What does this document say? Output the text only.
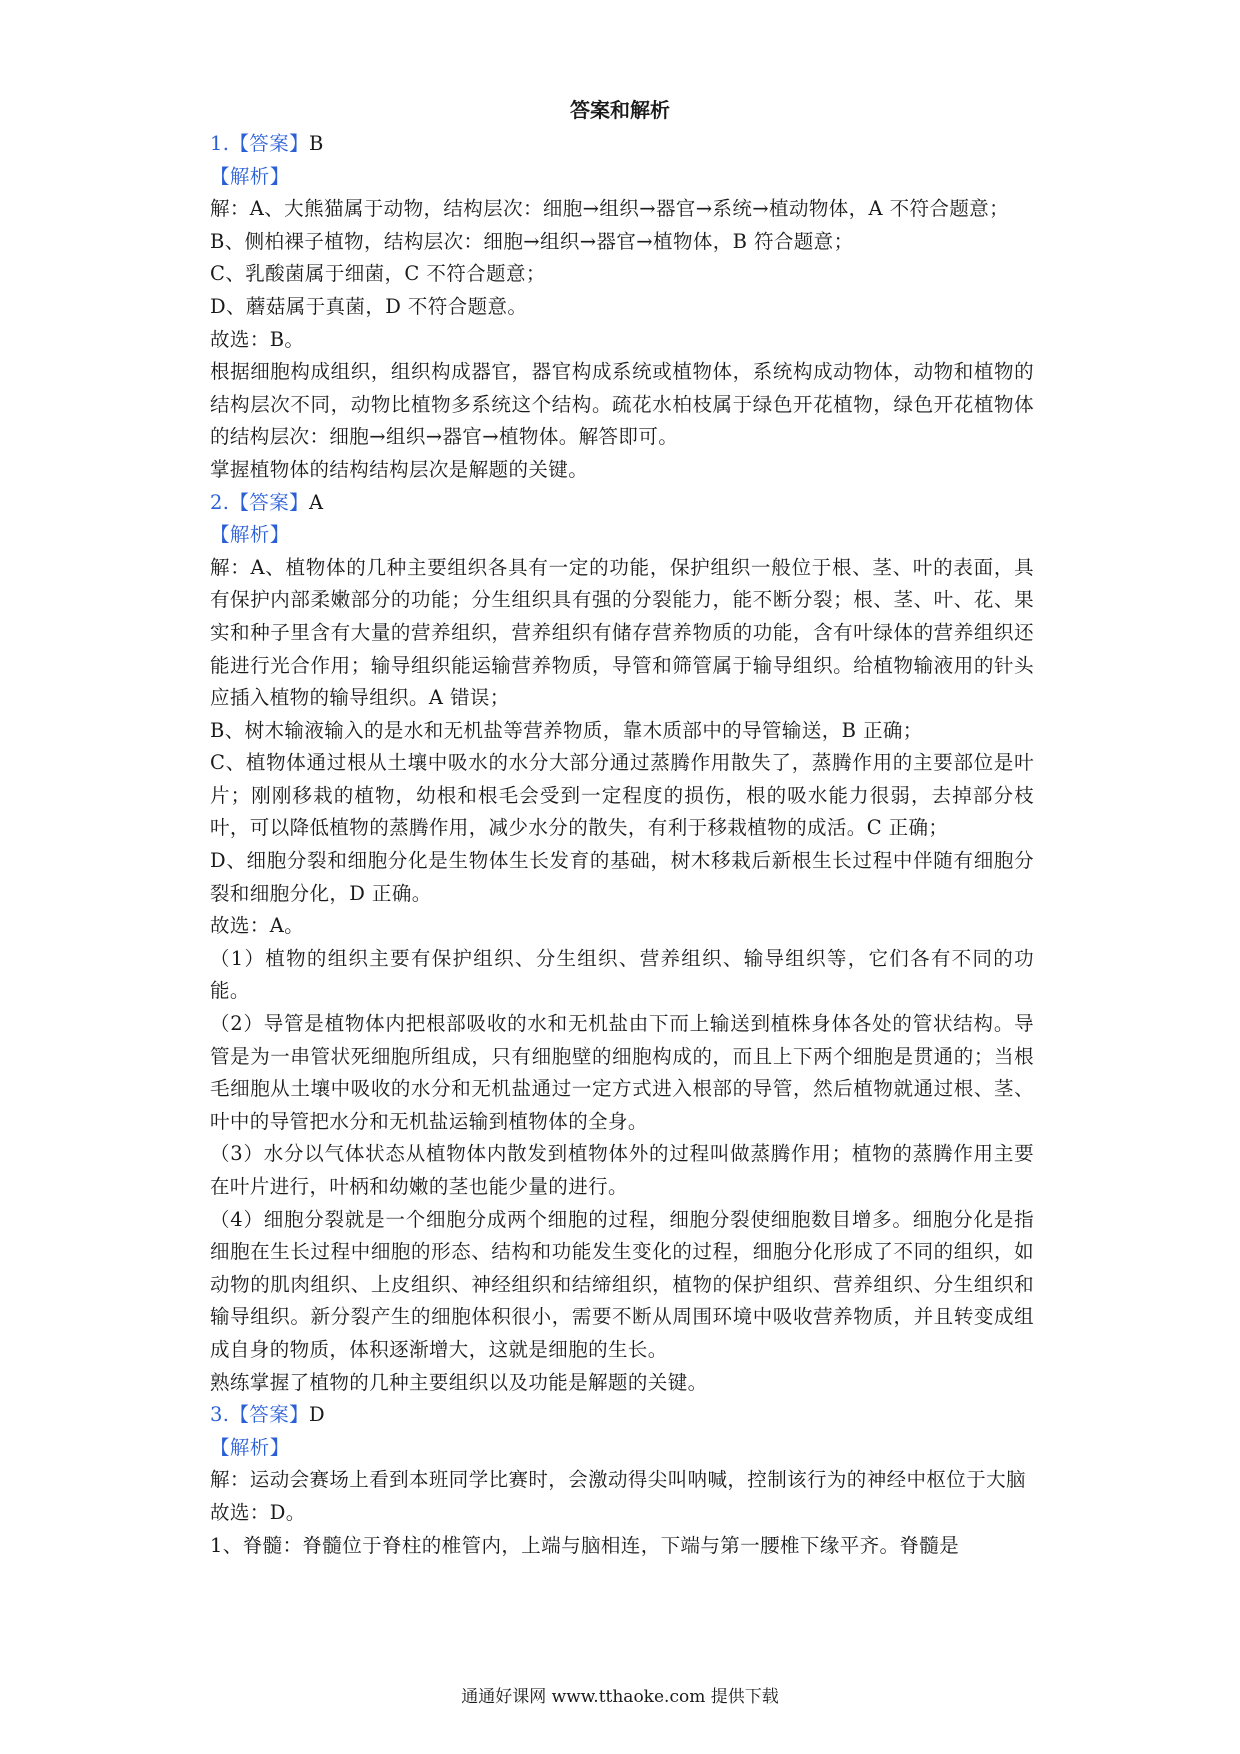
答案和解析

1.【答案】B

【解析】

解：A、大熊猫属于动物，结构层次：细胞→组织→器官→系统→植动物体，A 不符合题意；

B、侧柏裸子植物，结构层次：细胞→组织→器官→植物体，B 符合题意；

C、乳酸菌属于细菌，C 不符合题意；

D、蘑菇属于真菌，D 不符合题意。

故选：B。

根据细胞构成组织，组织构成器官，器官构成系统或植物体，系统构成动物体，动物和植物的结构层次不同，动物比植物多系统这个结构。疏花水柏枝属于绿色开花植物，绿色开花植物体的结构层次：细胞→组织→器官→植物体。解答即可。

掌握植物体的结构结构层次是解题的关键。

2.【答案】A

【解析】

解：A、植物体的几种主要组织各具有一定的功能，保护组织一般位于根、茎、叶的表面，具有保护内部柔嫩部分的功能；分生组织具有强的分裂能力，能不断分裂；根、茎、叶、花、果实和种子里含有大量的营养组织，营养组织有储存营养物质的功能，含有叶绿体的营养组织还能进行光合作用；输导组织能运输营养物质，导管和筛管属于输导组织。给植物输液用的针头应插入植物的输导组织。A 错误；

B、树木输液输入的是水和无机盐等营养物质，靠木质部中的导管输送，B 正确；

C、植物体通过根从土壤中吸水的水分大部分通过蒸腾作用散失了，蒸腾作用的主要部位是叶片；刚刚移栽的植物，幼根和根毛会受到一定程度的损伤，根的吸水能力很弱，去掉部分枝叶，可以降低植物的蒸腾作用，减少水分的散失，有利于移栽植物的成活。C 正确；

D、细胞分裂和细胞分化是生物体生长发育的基础，树木移栽后新根生长过程中伴随有细胞分裂和细胞分化，D 正确。

故选：A。

（1）植物的组织主要有保护组织、分生组织、营养组织、输导组织等，它们各有不同的功能。

（2）导管是植物体内把根部吸收的水和无机盐由下而上输送到植株身体各处的管状结构。导管是为一串管状死细胞所组成，只有细胞壁的细胞构成的，而且上下两个细胞是贯通的；当根毛细胞从土壤中吸收的水分和无机盐通过一定方式进入根部的导管，然后植物就通过根、茎、叶中的导管把水分和无机盐运输到植物体的全身。

（3）水分以气体状态从植物体内散发到植物体外的过程叫做蒸腾作用；植物的蒸腾作用主要在叶片进行，叶柄和幼嫩的茎也能少量的进行。

（4）细胞分裂就是一个细胞分成两个细胞的过程，细胞分裂使细胞数目增多。细胞分化是指细胞在生长过程中细胞的形态、结构和功能发生变化的过程，细胞分化形成了不同的组织，如动物的肌肉组织、上皮组织、神经组织和结缔组织，植物的保护组织、营养组织、分生组织和输导组织。新分裂产生的细胞体积很小，需要不断从周围环境中吸收营养物质，并且转变成组成自身的物质，体积逐渐增大，这就是细胞的生长。

熟练掌握了植物的几种主要组织以及功能是解题的关键。

3.【答案】D

【解析】

解：运动会赛场上看到本班同学比赛时，会激动得尖叫呐喊，控制该行为的神经中枢位于大脑

故选：D。

1、脊髓：脊髓位于脊柱的椎管内，上端与脑相连，下端与第一腰椎下缘平齐。脊髓是

通通好课网 www.tthaoke.com 提供下载
